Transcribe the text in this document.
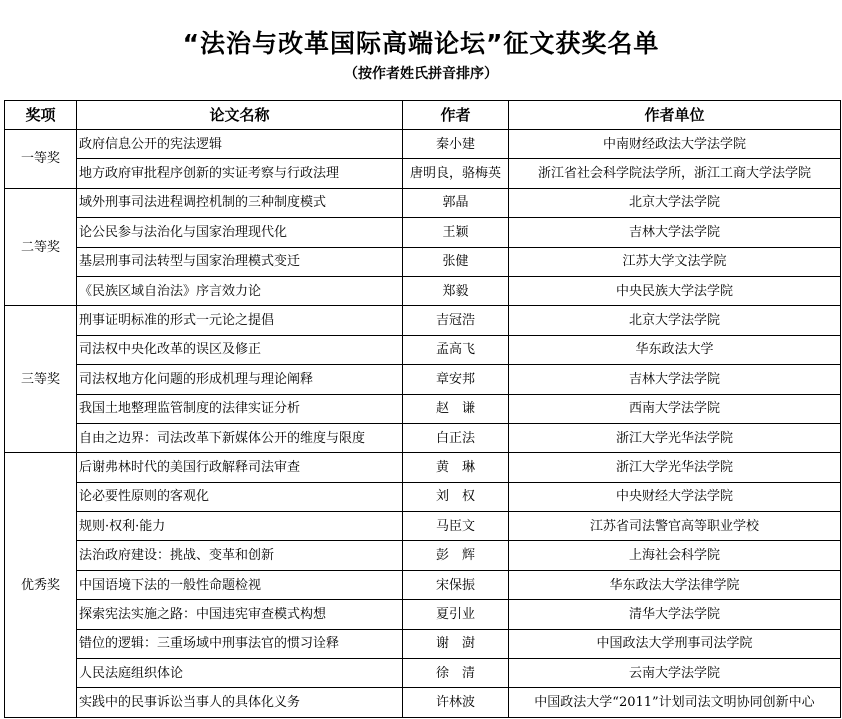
“法治与改革国际高端论坛”征文获奖名单
（按作者姓氏拼音排序）
奖项	论文名称	作者	作者单位
一等奖	政府信息公开的宪法逻辑	秦小建	中南财经政法大学法学院
	地方政府审批程序创新的实证考察与行政法理	唐明良，骆梅英	浙江省社会科学院法学所，浙江工商大学法学院
二等奖	域外刑事司法进程调控机制的三种制度模式	郭晶	北京大学法学院
	论公民参与法治化与国家治理现代化	王颖	吉林大学法学院
	基层刑事司法转型与国家治理模式变迁	张健	江苏大学文法学院
	《民族区域自治法》序言效力论	郑毅	中央民族大学法学院
三等奖	刑事证明标准的形式一元论之提倡	吉冠浩	北京大学法学院
	司法权中央化改革的误区及修正	孟高飞	华东政法大学
	司法权地方化问题的形成机理与理论阐释	章安邦	吉林大学法学院
	我国土地整理监管制度的法律实证分析	赵　谦	西南大学法学院
	自由之边界：司法改革下新媒体公开的维度与限度	白正法	浙江大学光华法学院
优秀奖	后谢弗林时代的美国行政解释司法审查	黄　琳	浙江大学光华法学院
	论必要性原则的客观化	刘　权	中央财经大学法学院
	规则·权利·能力	马臣文	江苏省司法警官高等职业学校
	法治政府建设：挑战、变革和创新	彭　辉	上海社会科学院
	中国语境下法的一般性命题检视	宋保振	华东政法大学法律学院
	探索宪法实施之路：中国违宪审查模式构想	夏引业	清华大学法学院
	错位的逻辑：三重场域中刑事法官的惯习诠释	谢　澍	中国政法大学刑事司法学院
	人民法庭组织体论	徐　清	云南大学法学院
	实践中的民事诉讼当事人的具体化义务	许林波	中国政法大学“2011”计划司法文明协同创新中心
